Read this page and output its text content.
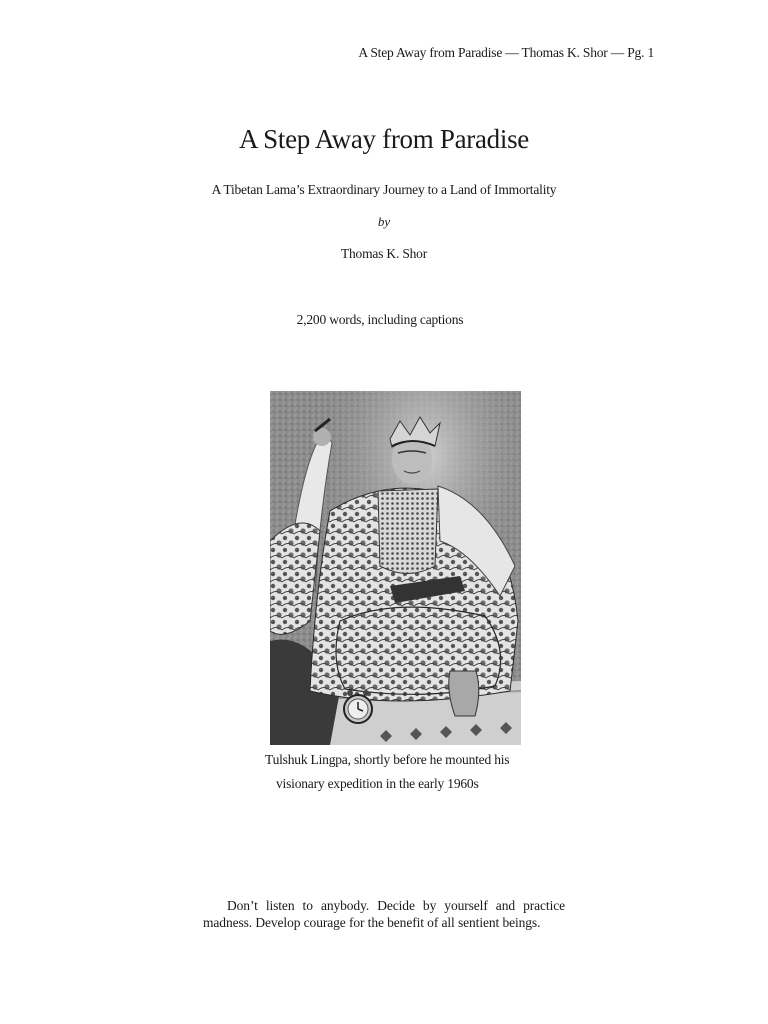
A Step Away from Paradise — Thomas K. Shor — Pg. 1
A Step Away from Paradise
A Tibetan Lama’s Extraordinary Journey to a Land of Immortality
by
Thomas K. Shor
2,200 words, including captions
Tulshuk Lingpa, shortly before he mounted his
visionary expedition in the early 1960s
Don’t listen to anybody. Decide by yourself and practice madness. Develop courage for the benefit of all sentient beings.
